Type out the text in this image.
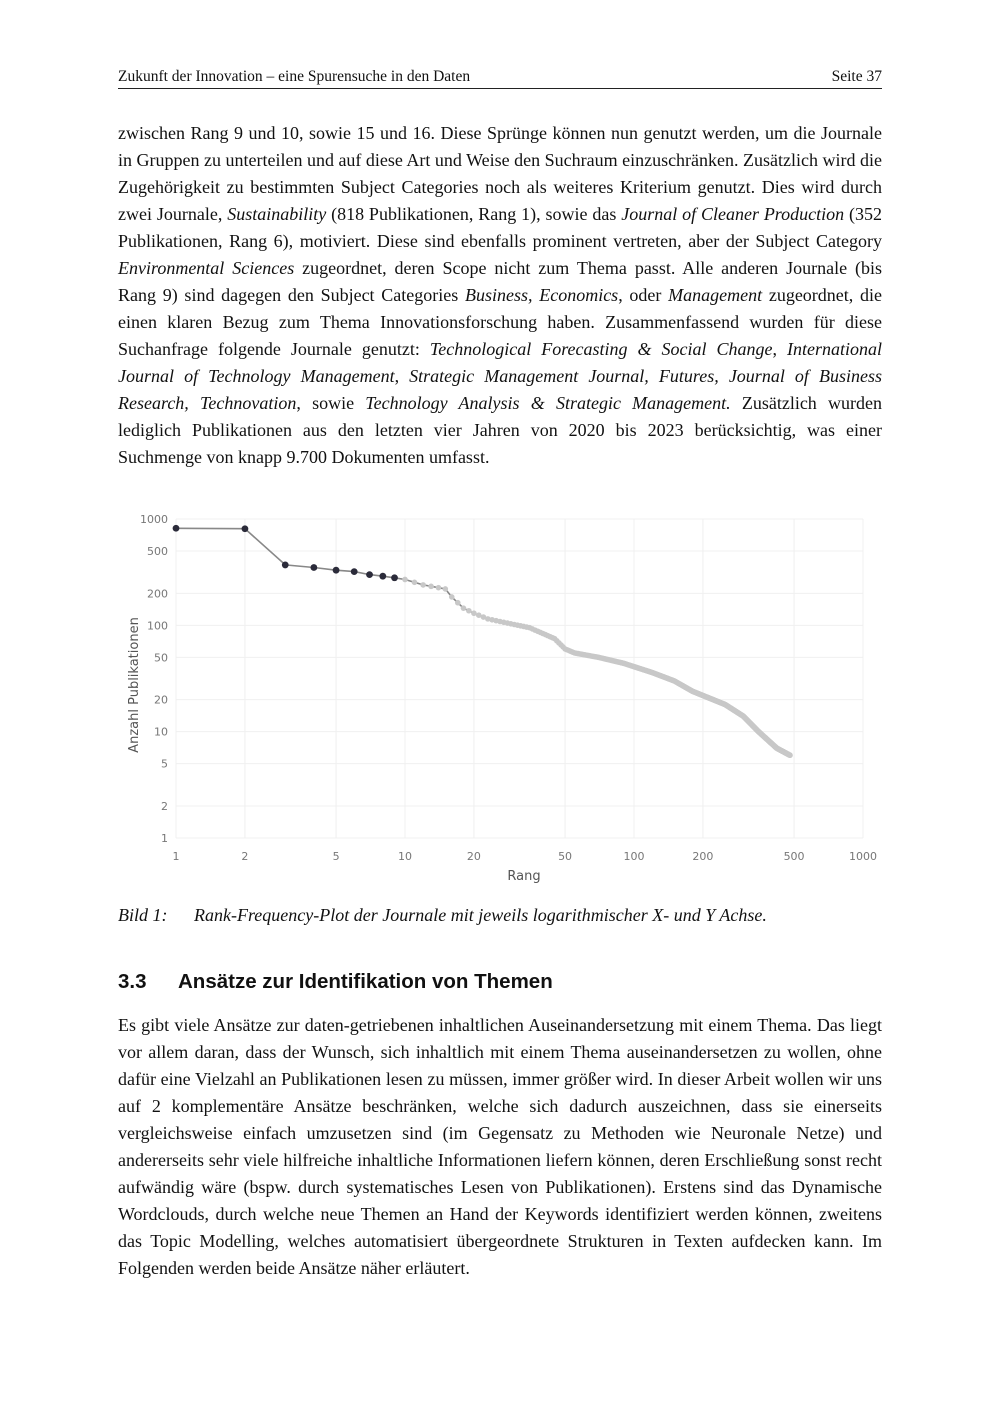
Zukunft der Innovation – eine Spurensuche in den Daten	Seite 37

zwischen Rang 9 und 10, sowie 15 und 16. Diese Sprünge können nun genutzt werden, um die Journale in Gruppen zu unterteilen und auf diese Art und Weise den Suchraum einzuschränken. Zusätzlich wird die Zugehörigkeit zu bestimmten Subject Categories noch als weiteres Kriterium genutzt. Dies wird durch zwei Journale, Sustainability (818 Publikationen, Rang 1), sowie das Journal of Cleaner Production (352 Publikationen, Rang 6), motiviert. Diese sind ebenfalls prominent vertreten, aber der Subject Category Environmental Sciences zugeordnet, deren Scope nicht zum Thema passt. Alle anderen Journale (bis Rang 9) sind dagegen den Subject Categories Business, Economics, oder Management zugeordnet, die einen klaren Bezug zum Thema Innovationsforschung haben. Zusammenfassend wurden für diese Suchanfrage folgende Journale genutzt: Technological Forecasting & Social Change, International Journal of Technology Management, Strategic Management Journal, Futures, Journal of Business Research, Technovation, sowie Technology Analysis & Strategic Management. Zusätzlich wurden lediglich Publikationen aus den letzten vier Jahren von 2020 bis 2023 berücksichtig, was einer Suchmenge von knapp 9.700 Dokumenten umfasst.

1
2
5
10
20
50
100
200
500
1000
1	2	5	10	20	50	100	200	500	1000
Anzahl Publikationen
Rang
Bild 1: Rank-Frequency-Plot der Journale mit jeweils logarithmischer X- und Y Achse.
3.3 Ansätze zur Identifikation von Themen

Es gibt viele Ansätze zur daten-getriebenen inhaltlichen Auseinandersetzung mit einem Thema. Das liegt vor allem daran, dass der Wunsch, sich inhaltlich mit einem Thema auseinandersetzen zu wollen, ohne dafür eine Vielzahl an Publikationen lesen zu müssen, immer größer wird. In dieser Arbeit wollen wir uns auf 2 komplementäre Ansätze beschränken, welche sich dadurch auszeichnen, dass sie einerseits vergleichsweise einfach umzusetzen sind (im Gegensatz zu Methoden wie Neuronale Netze) und andererseits sehr viele hilfreiche inhaltliche Informationen liefern können, deren Erschließung sonst recht aufwändig wäre (bspw. durch systematisches Lesen von Publikationen). Erstens sind das Dynamische Wordclouds, durch welche neue Themen an Hand der Keywords identifiziert werden können, zweitens das Topic Modelling, welches automatisiert übergeordnete Strukturen in Texten aufdecken kann. Im Folgenden werden beide Ansätze näher erläutert.
